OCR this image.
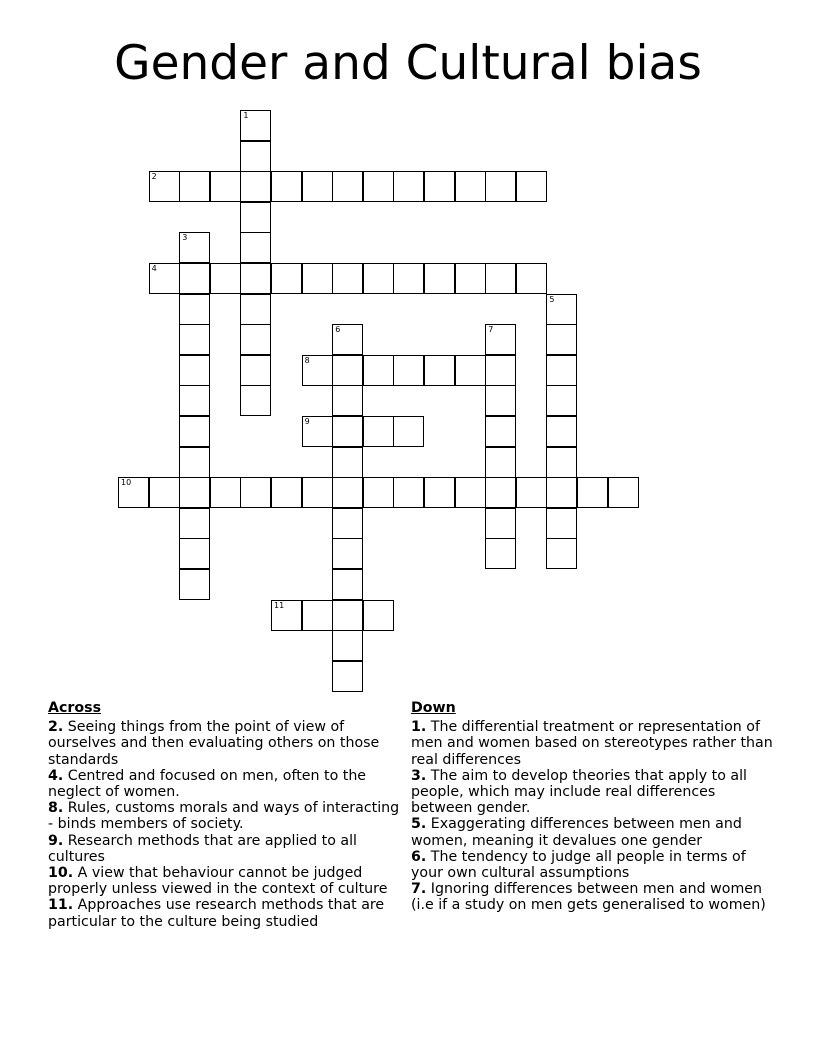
Gender and Cultural bias
1
2
3
4
5
6	7
8
9
10
11
Across

2. Seeing things from the point of view of ourselves and then evaluating others on those standards

4. Centred and focused on men, often to the neglect of women.

8. Rules, customs morals and ways of interacting - binds members of society.

9. Research methods that are applied to all cultures

10. A view that behaviour cannot be judged properly unless viewed in the context of culture

11. Approaches use research methods that are particular to the culture being studied

Down

1. The differential treatment or representation of men and women based on stereotypes rather than real differences

3. The aim to develop theories that apply to all people, which may include real differences between gender.

5. Exaggerating differences between men and women, meaning it devalues one gender

6. The tendency to judge all people in terms of your own cultural assumptions

7. Ignoring differences between men and women (i.e if a study on men gets generalised to women)
